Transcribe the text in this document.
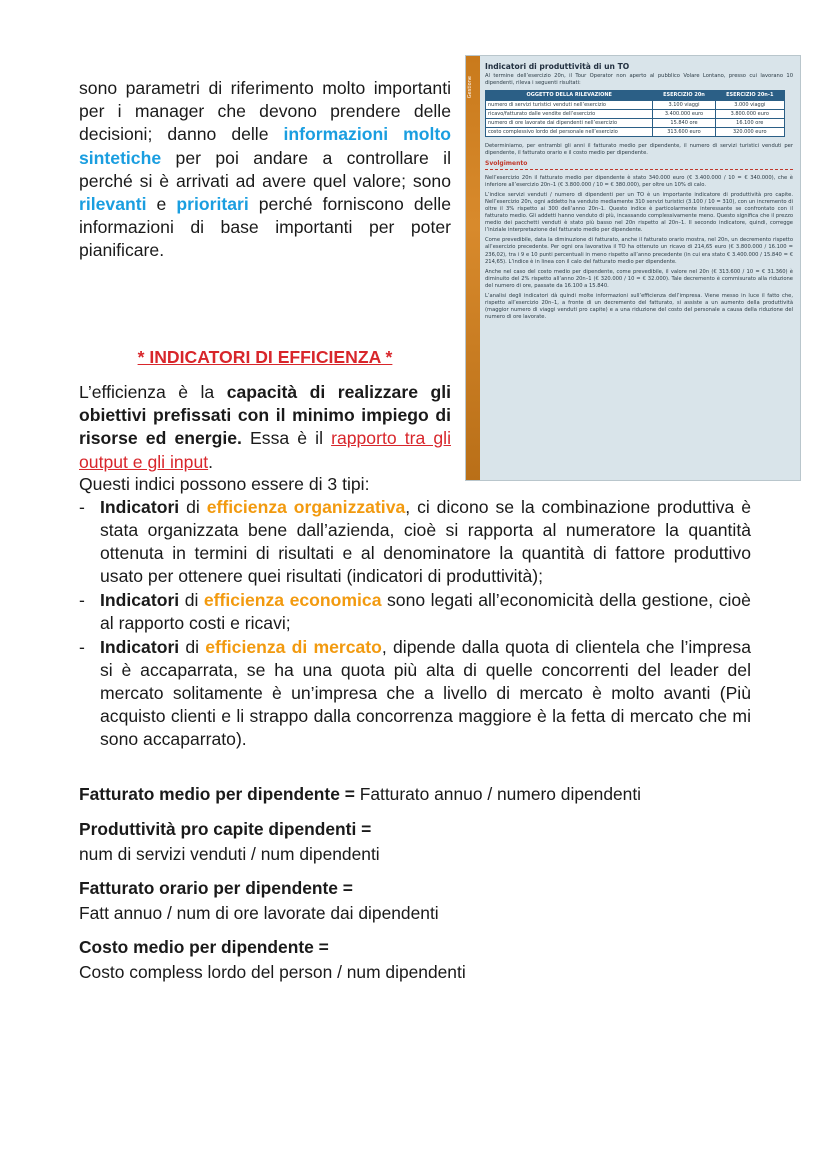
sono parametri di riferimento molto importanti per i manager che devono prendere delle decisioni; danno delle informazioni molto sintetiche per poi andare a controllare il perché si è arrivati ad avere quel valore; sono rilevanti e prioritari perché forniscono delle informazioni di base importanti per poter pianificare.

Gestione
Indicatori di produttività di un TO

Al termine dell’esercizio 20n, il Tour Operator non aperto al pubblico Volare Lontano, presso cui lavorano 10 dipendenti, rileva i seguenti risultati:

OGGETTO DELLA RILEVAZIONE	ESERCIZIO 20n	ESERCIZIO 20n-1
numero di servizi turistici venduti nell’esercizio	3.100 viaggi	3.000 viaggi
ricavo/fatturato dalle vendite dell’esercizio	3.400.000 euro	3.800.000 euro
numero di ore lavorate dai dipendenti nell’esercizio	15.840 ore	16.100 ore
costo complessivo lordo del personale nell’esercizio	313.600 euro	320.000 euro

Determiniamo, per entrambi gli anni il fatturato medio per dipendente, il numero di servizi turistici venduti per dipendente, il fatturato orario e il costo medio per dipendente.

Svolgimento

Nell’esercizio 20n il fatturato medio per dipendente è stato 340.000 euro (€ 3.400.000 / 10 = € 340.000), che è inferiore all’esercizio 20n–1 (€ 3.800.000 / 10 = € 380.000), per oltre un 10% di calo.

L’indice servizi venduti / numero di dipendenti per un TO è un importante indicatore di produttività pro capite. Nell’esercizio 20n, ogni addetto ha venduto mediamente 310 servizi turistici (3.100 / 10 = 310), con un incremento di oltre il 3% rispetto ai 300 dell’anno 20n–1. Questo indice è particolarmente interessante se confrontato con il fatturato medio. Gli addetti hanno venduto di più, incassando complessivamente meno. Questo significa che il prezzo medio dei pacchetti venduti è stato più basso nel 20n rispetto al 20n–1. Il secondo indicatore, quindi, corregge l’iniziale interpretazione del fatturato medio per dipendente.

Come prevedibile, data la diminuzione di fatturato, anche il fatturato orario mostra, nel 20n, un decremento rispetto all’esercizio precedente. Per ogni ora lavorativa il TO ha ottenuto un ricavo di 214,65 euro (€ 3.800.000 / 16.100 = 236,02), tra i 9 e 10 punti percentuali in meno rispetto all’anno precedente (in cui era stato € 3.400.000 / 15.840 = € 214,65). L’indice è in linea con il calo del fatturato medio per dipendente.

Anche nel caso del costo medio per dipendente, come prevedibile, il valore nel 20n (€ 313.600 / 10 = € 31.360) è diminuito del 2% rispetto all’anno 20n–1 (€ 320.000 / 10 = € 32.000). Tale decremento è commisurato alla riduzione del numero di ore, passate da 16.100 a 15.840.

L’analisi degli indicatori dà quindi molte informazioni sull’efficienza dell’impresa. Viene messo in luce il fatto che, rispetto all’esercizio 20n–1, a fronte di un decremento del fatturato, si assiste a un aumento della produttività (maggior numero di viaggi venduti pro capite) e a una riduzione del costo del personale a causa della riduzione del numero di ore lavorate.

* INDICATORI DI EFFICIENZA *

L’efficienza è la capacità di realizzare gli obiettivi prefissati con il minimo impiego di risorse ed energie. Essa è il rapporto tra gli output e gli input.

Questi indici possono essere di 3 tipi:
- Indicatori di efficienza organizzativa, ci dicono se la combinazione produttiva è stata organizzata bene dall’azienda, cioè si rapporta al numeratore la quantità ottenuta in termini di risultati e al denominatore la quantità di fattore produttivo usato per ottenere quei risultati (indicatori di produttività);
- Indicatori di efficienza economica sono legati all’economicità della gestione, cioè al rapporto costi e ricavi;
- Indicatori di efficienza di mercato, dipende dalla quota di clientela che l’impresa si è accaparrata, se ha una quota più alta di quelle concorrenti del leader del mercato solitamente è un’impresa che a livello di mercato è molto avanti (Più acquisto clienti e li strappo dalla concorrenza maggiore è la fetta di mercato che mi sono accaparrato).
Fatturato medio per dipendente = Fatturato annuo / numero dipendenti
Produttività pro capite dipendenti =
num di servizi venduti / num dipendenti
Fatturato orario per dipendente =
Fatt annuo / num di ore lavorate dai dipendenti
Costo medio per dipendente =
Costo compless lordo del person / num dipendenti
